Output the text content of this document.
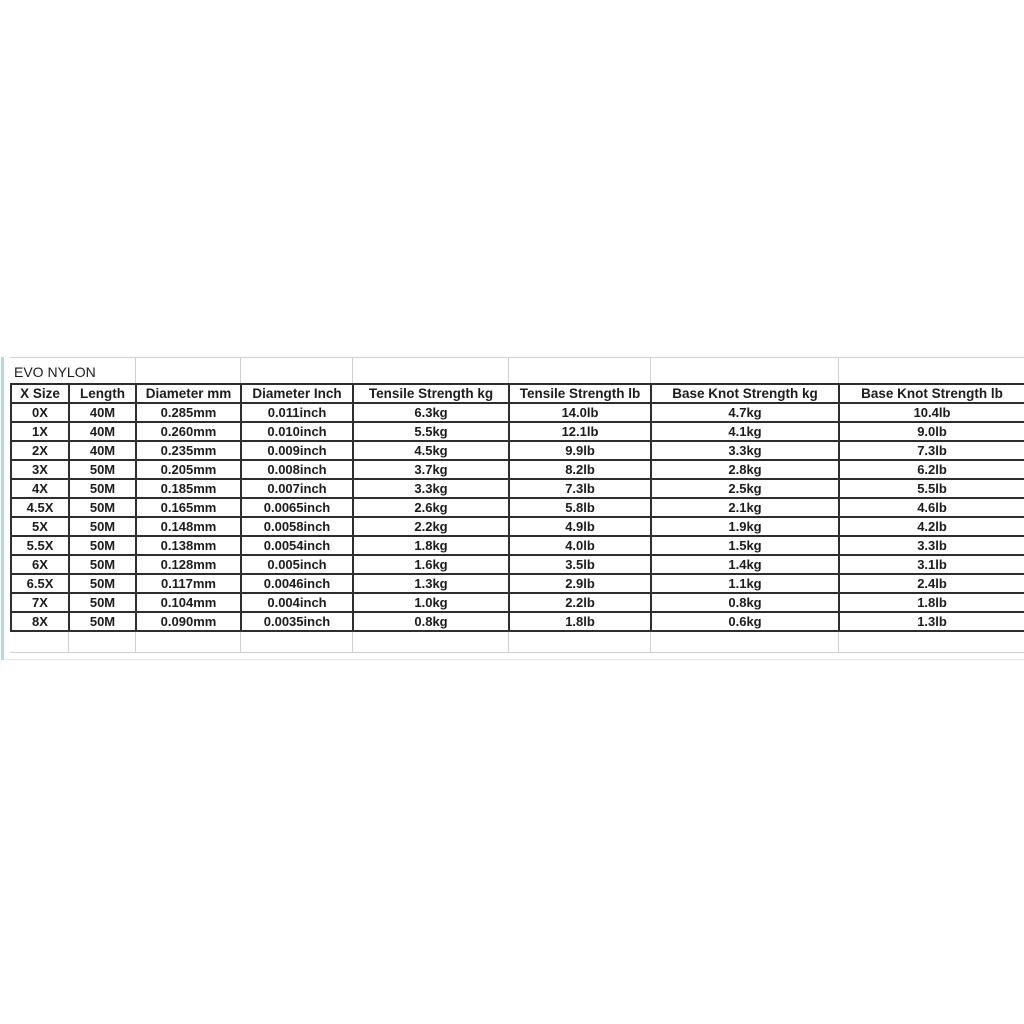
EVO NYLON
X Size	Length	Diameter mm	Diameter Inch	Tensile Strength kg	Tensile Strength lb	Base Knot Strength kg	Base Knot Strength lb
0X	40M	0.285mm	0.011inch	6.3kg	14.0lb	4.7kg	10.4lb
1X	40M	0.260mm	0.010inch	5.5kg	12.1lb	4.1kg	9.0lb
2X	40M	0.235mm	0.009inch	4.5kg	9.9lb	3.3kg	7.3lb
3X	50M	0.205mm	0.008inch	3.7kg	8.2lb	2.8kg	6.2lb
4X	50M	0.185mm	0.007inch	3.3kg	7.3lb	2.5kg	5.5lb
4.5X	50M	0.165mm	0.0065inch	2.6kg	5.8lb	2.1kg	4.6lb
5X	50M	0.148mm	0.0058inch	2.2kg	4.9lb	1.9kg	4.2lb
5.5X	50M	0.138mm	0.0054inch	1.8kg	4.0lb	1.5kg	3.3lb
6X	50M	0.128mm	0.005inch	1.6kg	3.5lb	1.4kg	3.1lb
6.5X	50M	0.117mm	0.0046inch	1.3kg	2.9lb	1.1kg	2.4lb
7X	50M	0.104mm	0.004inch	1.0kg	2.2lb	0.8kg	1.8lb
8X	50M	0.090mm	0.0035inch	0.8kg	1.8lb	0.6kg	1.3lb
